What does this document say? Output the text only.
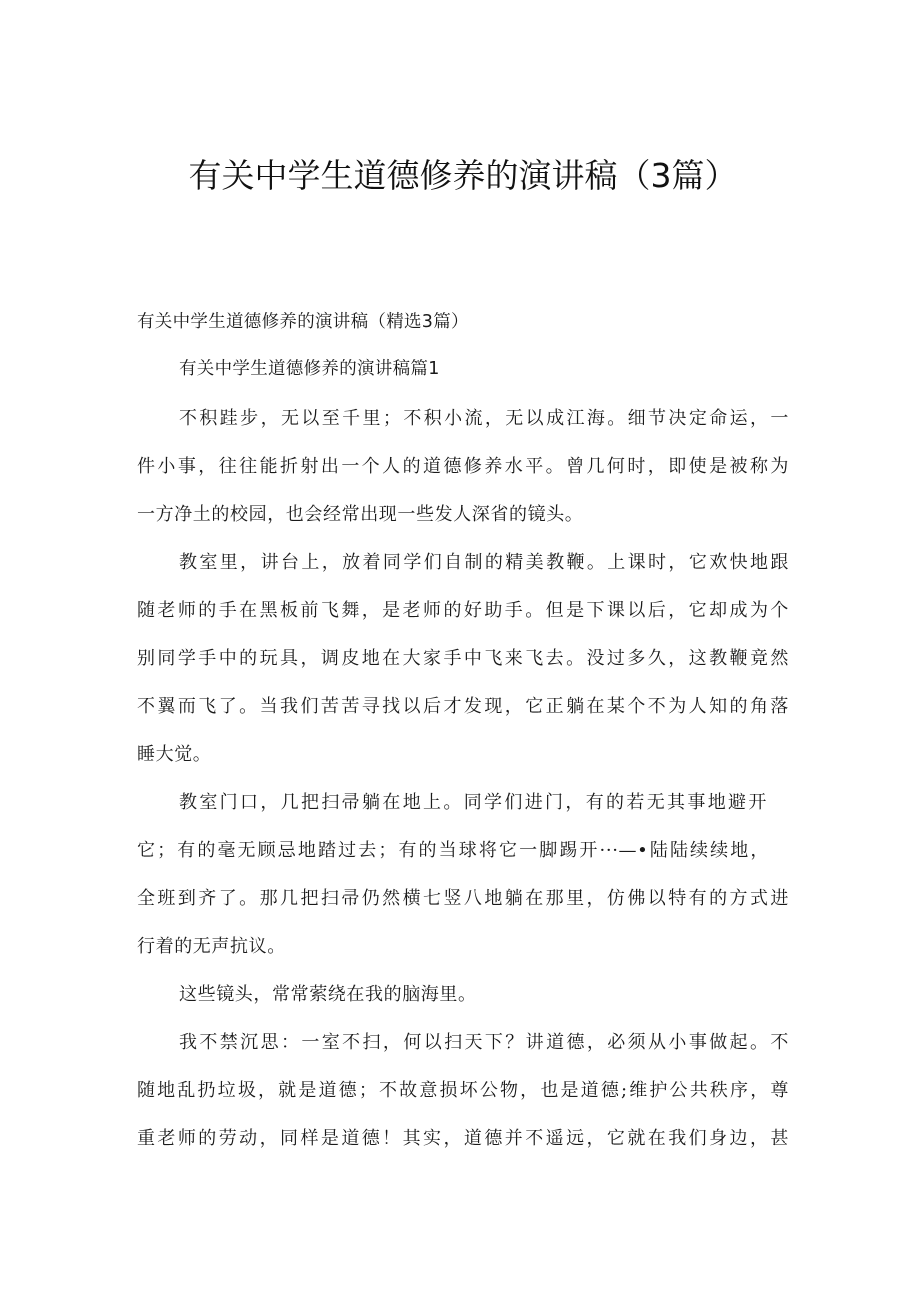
有关中学生道德修养的演讲稿（3篇）
有关中学生道德修养的演讲稿（精选3篇）
有关中学生道德修养的演讲稿篇1
不积跬步，无以至千里；不积小流，无以成江海。细节决定命运，一
件小事，往往能折射出一个人的道德修养水平。曾几何时，即使是被称为
一方净土的校园，也会经常出现一些发人深省的镜头。
教室里，讲台上，放着同学们自制的精美教鞭。上课时，它欢快地跟
随老师的手在黑板前飞舞，是老师的好助手。但是下课以后，它却成为个
别同学手中的玩具，调皮地在大家手中飞来飞去。没过多久，这教鞭竟然
不翼而飞了。当我们苦苦寻找以后才发现，它正躺在某个不为人知的角落
睡大觉。
教室门口，几把扫帚躺在地上。同学们进门，有的若无其事地避开
它；有的毫无顾忌地踏过去；有的当球将它一脚踢开···—•陆陆续续地，
全班到齐了。那几把扫帚仍然横七竖八地躺在那里，仿佛以特有的方式进
行着的无声抗议。
这些镜头，常常萦绕在我的脑海里。
我不禁沉思：一室不扫，何以扫天下？讲道德，必须从小事做起。不
随地乱扔垃圾，就是道德；不故意损坏公物，也是道德;维护公共秩序，尊
重老师的劳动，同样是道德！其实，道德并不遥远，它就在我们身边，甚
